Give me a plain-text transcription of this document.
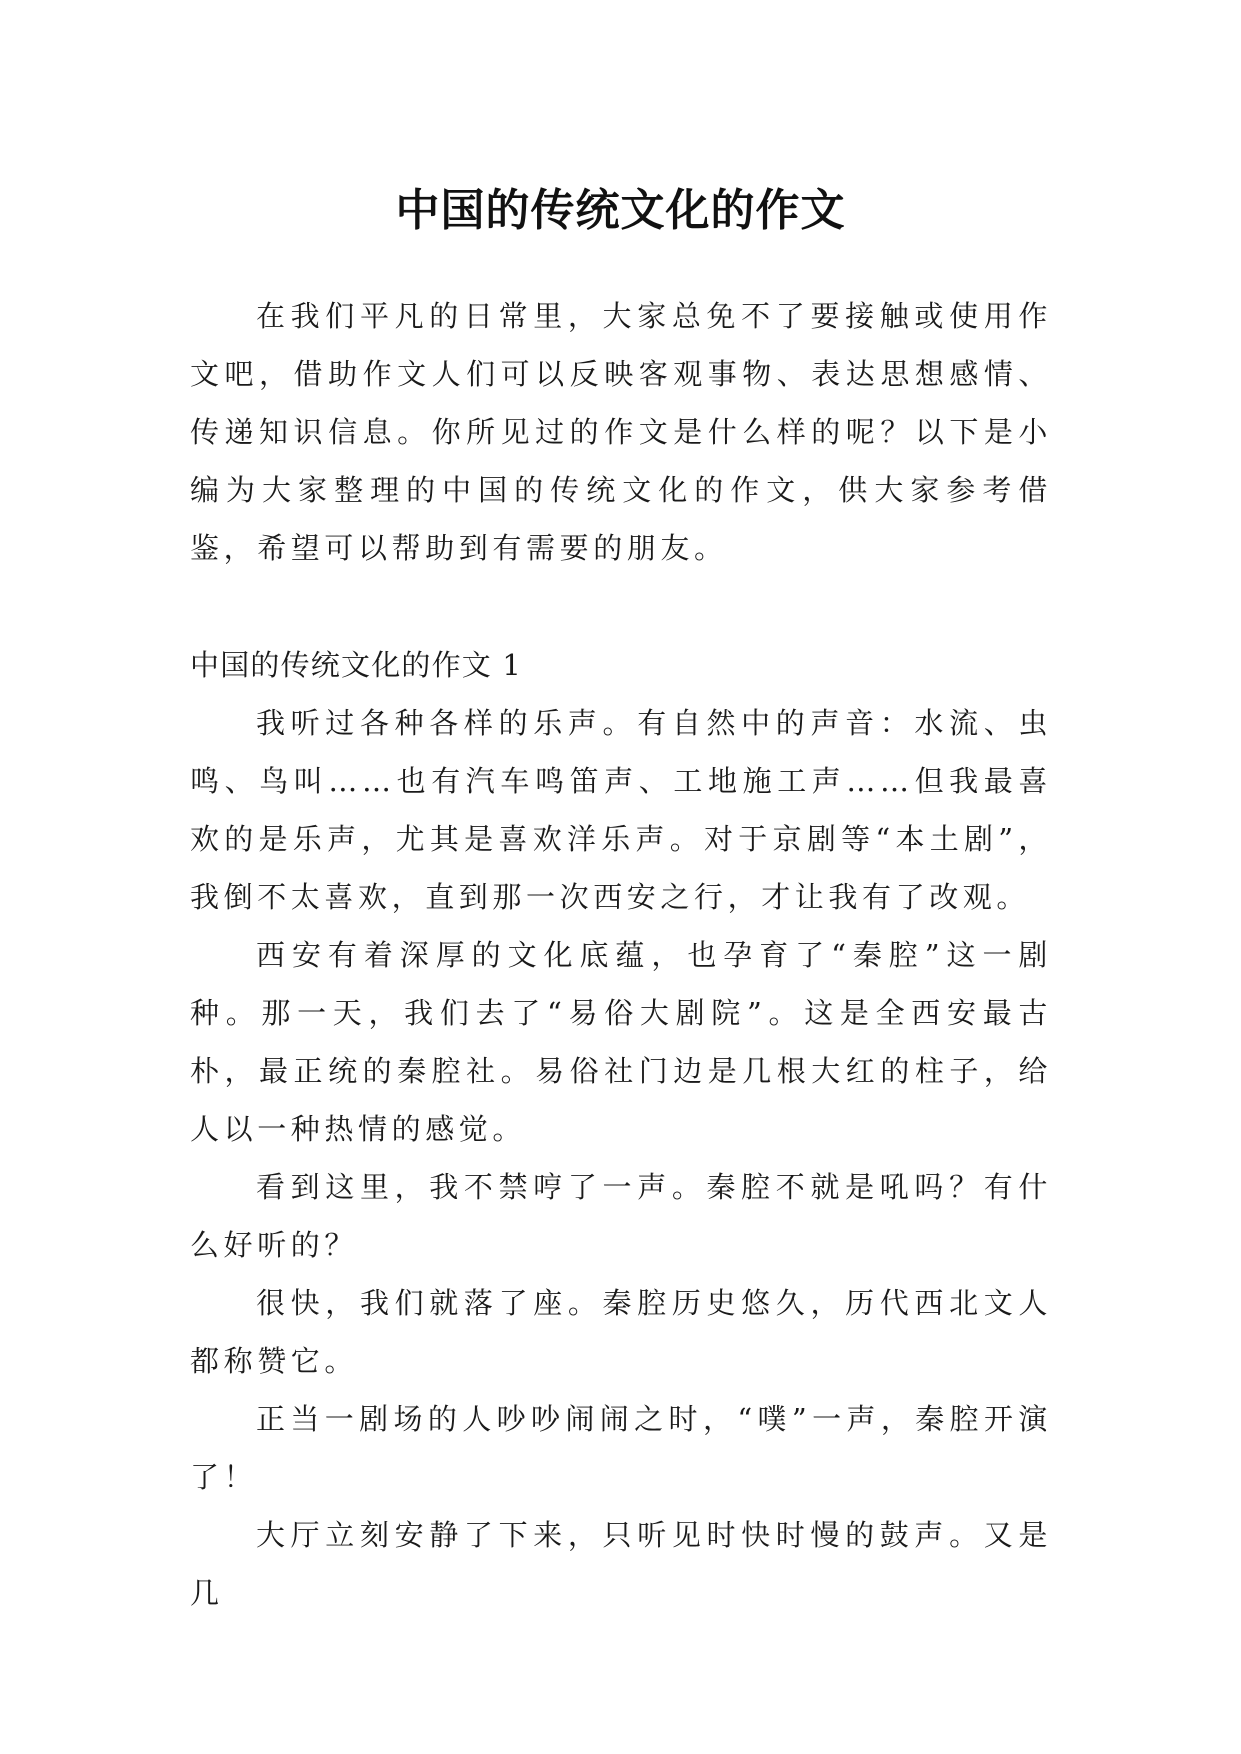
中国的传统文化的作文

在我们平凡的日常里，大家总免不了要接触或使用作文吧，借助作文人们可以反映客观事物、表达思想感情、传递知识信息。你所见过的作文是什么样的呢？以下是小编为大家整理的中国的传统文化的作文，供大家参考借鉴，希望可以帮助到有需要的朋友。

中国的传统文化的作文 1

我听过各种各样的乐声。有自然中的声音：水流、虫鸣、鸟叫……也有汽车鸣笛声、工地施工声……但我最喜欢的是乐声，尤其是喜欢洋乐声。对于京剧等“本土剧”，我倒不太喜欢，直到那一次西安之行，才让我有了改观。

西安有着深厚的文化底蕴，也孕育了“秦腔”这一剧种。那一天，我们去了“易俗大剧院”。这是全西安最古朴，最正统的秦腔社。易俗社门边是几根大红的柱子，给人以一种热情的感觉。

看到这里，我不禁哼了一声。秦腔不就是吼吗？有什么好听的？

很快，我们就落了座。秦腔历史悠久，历代西北文人都称赞它。

正当一剧场的人吵吵闹闹之时，“噗”一声，秦腔开演了！

大厅立刻安静了下来，只听见时快时慢的鼓声。又是几
